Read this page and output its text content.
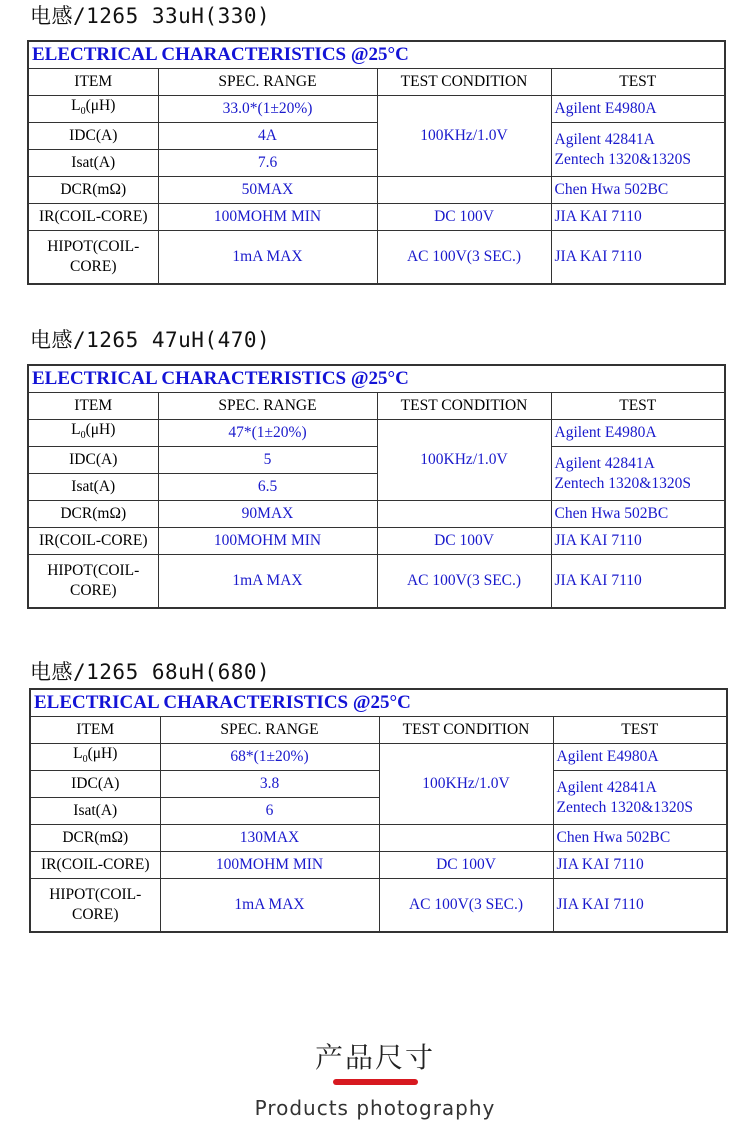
电感/1265 33uH(330)
ELECTRICAL CHARACTERISTICS @25°C			
ITEM	SPEC. RANGE	TEST CONDITION	TEST
$L_0(\mu H)$	33.0*(1±20%)	100KHz/1.0V	Agilent E4980A
IDC(A)	4A		Agilent 42841A
Zentech 1320&1320S

Isat(A)	7.6		
DCR(mΩ)	50MAX		Chen Hwa 502BC
IR(COIL-CORE)	100MOHM MIN	DC 100V	JIA KAI 7110

HIPOT(COIL-
CORE)	1mA MAX	AC 100V(3 SEC.)	JIA KAI 7110
电感/1265 47uH(470)
ELECTRICAL CHARACTERISTICS @25°C			
ITEM	SPEC. RANGE	TEST CONDITION	TEST
$L_0(\mu H)$	47*(1±20%)	100KHz/1.0V	Agilent E4980A
IDC(A)	5		Agilent 42841A
Zentech 1320&1320S

Isat(A)	6.5		
DCR(mΩ)	90MAX		Chen Hwa 502BC
IR(COIL-CORE)	100MOHM MIN	DC 100V	JIA KAI 7110

HIPOT(COIL-
CORE)	1mA MAX	AC 100V(3 SEC.)	JIA KAI 7110
电感/1265 68uH(680)
ELECTRICAL CHARACTERISTICS @25°C			
ITEM	SPEC. RANGE	TEST CONDITION	TEST
$L_0(\mu H)$	68*(1±20%)	100KHz/1.0V	Agilent E4980A
IDC(A)	3.8		Agilent 42841A
Zentech 1320&1320S

Isat(A)	6		
DCR(mΩ)	130MAX		Chen Hwa 502BC
IR(COIL-CORE)	100MOHM MIN	DC 100V	JIA KAI 7110

HIPOT(COIL-
CORE)	1mA MAX	AC 100V(3 SEC.)	JIA KAI 7110
产品尺寸
Products photography
